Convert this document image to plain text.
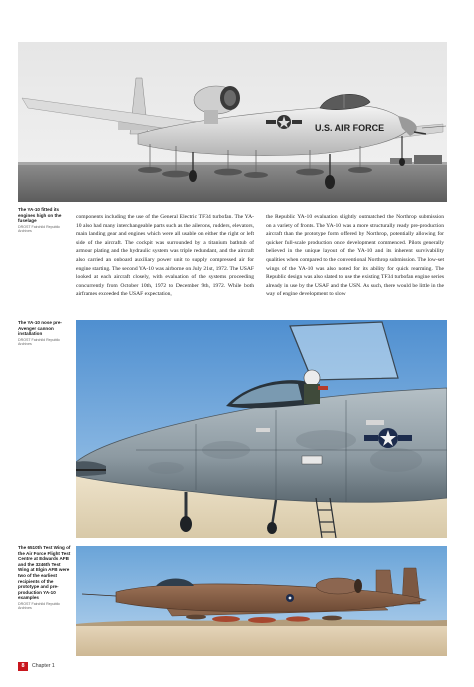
U.S. AIR FORCE
The YA-10 fitted its engines high on the fuselage
DROST Fairchild Republic Archives
The YA-10 nose pre-Avenger cannon installation
DROST Fairchild Republic Archives
The 6510th Test Wing of the Air Force Flight Test Centre at Edwards AFB and the 3246th Test Wing at Elgin AFB were two of the earliest recipients of the prototype and pre-production YA-10 examples
DROST Fairchild Republic Archives

components including the use of the General Electric TF34 turbofan. The YA-10 also had many interchangeable parts such as the ailerons, rudders, elevators, main landing gear and engines which were all usable on either the right or left side of the aircraft. The cockpit was surrounded by a titanium bathtub of armour plating and the hydraulic system was triple redundant, and the aircraft also carried an onboard auxiliary power unit to supply compressed air for engine starting. The second YA-10 was airborne on July 21st, 1972. The USAF looked at each aircraft closely, with evaluation of the systems proceeding concurrently from October 10th, 1972 to December 9th, 1972. While both airframes exceeded the USAF expectation,

the Republic YA-10 evaluation slightly outmatched the Northrop submission on a variety of fronts. The YA-10 was a more structurally ready pre-production aircraft than the prototype form offered by Northrop, potentially allowing for quicker full-scale production once development commenced. Pilots generally believed in the unique layout of the YA-10 and its inherent survivability qualities when compared to the conventional Northrop submission. The low-set wings of the YA-10 was also noted for its ability for quick rearming. The Republic design was also slated to use the existing TF34 turbofan engine series already in use by the USAF and the USN. As such, there would be little in the way of engine development to slow

8	Chapter 1
